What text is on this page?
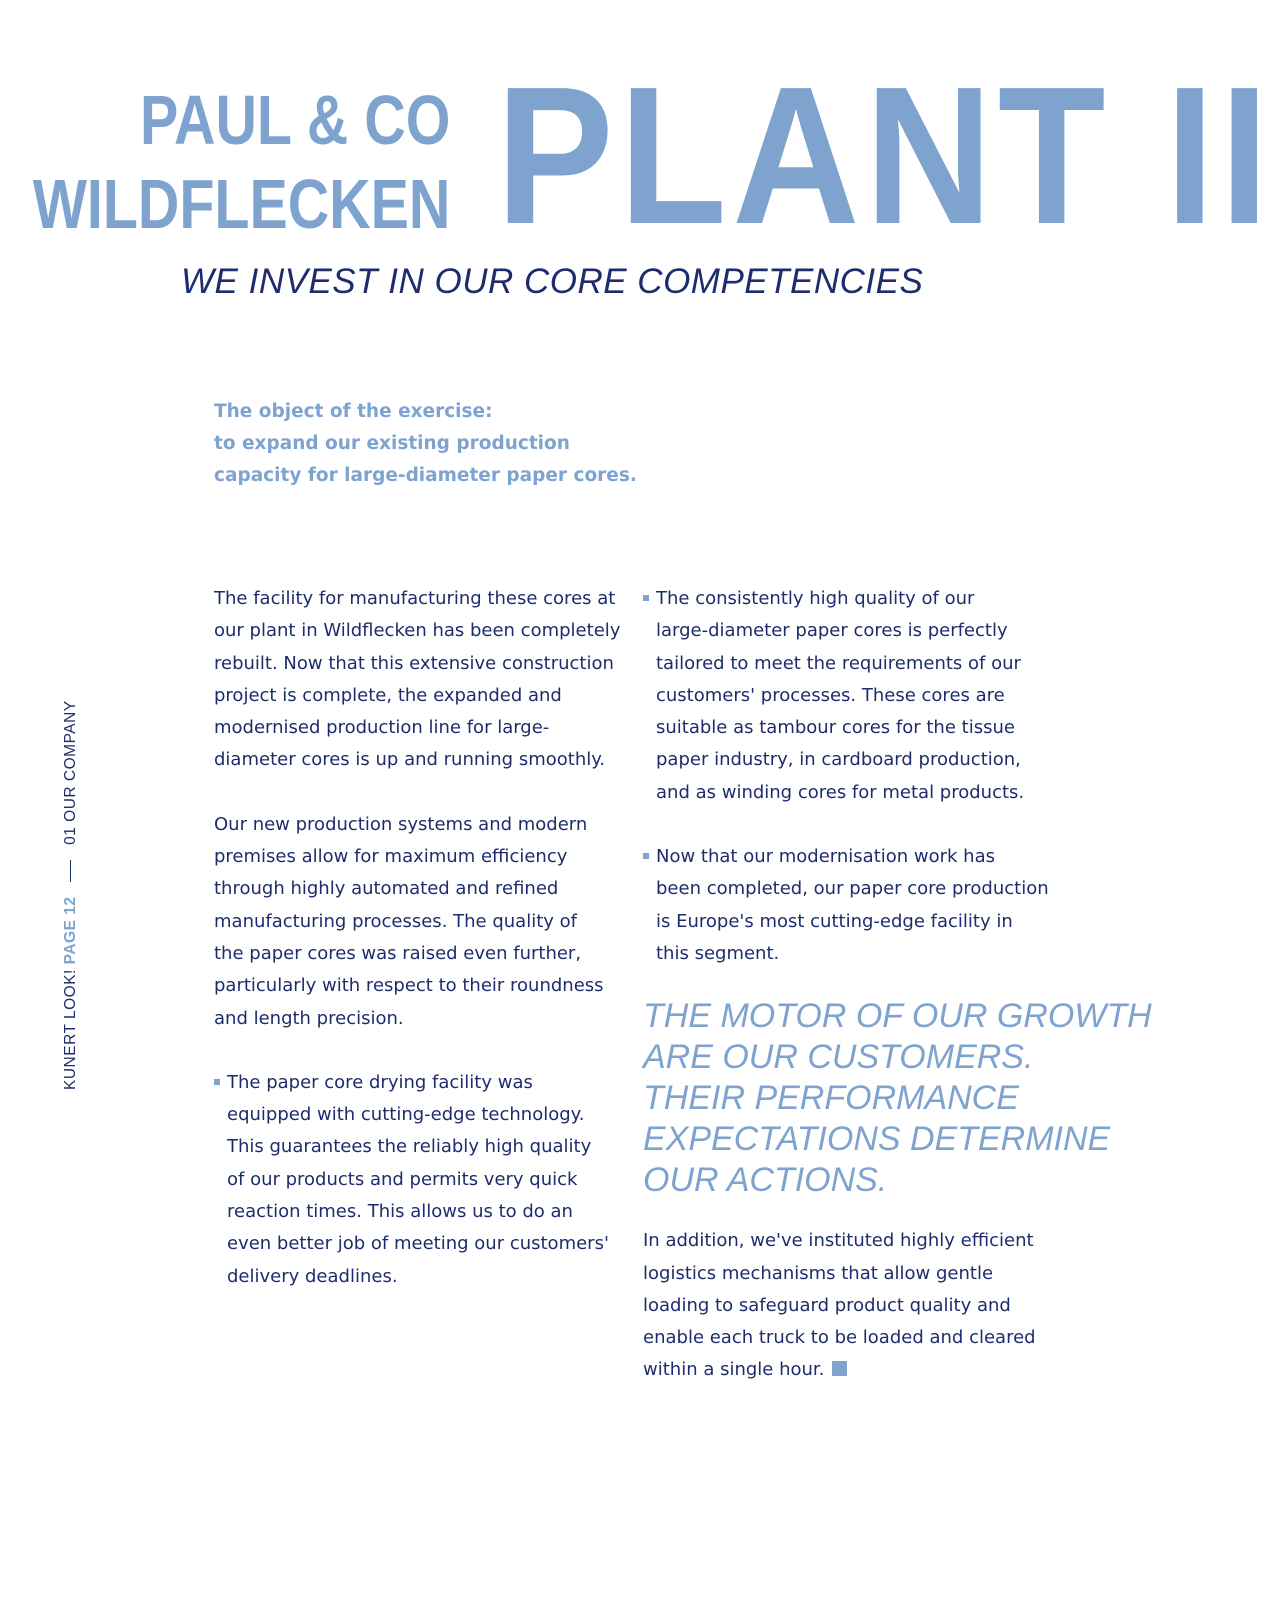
PAUL & CO
WILDFLECKEN PLANT II
WE INVEST IN OUR CORE COMPETENCIES
The object of the exercise:
to expand our existing production
capacity for large-diameter paper cores.
KUNERT LOOK! PAGE 12  01 OUR COMPANY

The facility for manufacturing these cores at
our plant in Wildflecken has been completely
rebuilt. Now that this extensive construction
project is complete, the expanded and
modernised production line for large-
diameter cores is up and running smoothly.

Our new production systems and modern
premises allow for maximum efficiency
through highly automated and refined
manufacturing processes. The quality of
the paper cores was raised even further,
particularly with respect to their roundness
and length precision.

The paper core drying facility was
equipped with cutting-edge technology.
This guarantees the reliably high quality
of our products and permits very quick
reaction times. This allows us to do an
even better job of meeting our customers'
delivery deadlines.
The consistently high quality of our
large-diameter paper cores is perfectly
tailored to meet the requirements of our
customers' processes. These cores are
suitable as tambour cores for the tissue
paper industry, in cardboard production,
and as winding cores for metal products.
Now that our modernisation work has
been completed, our paper core production
is Europe's most cutting-edge facility in
this segment.
THE MOTOR OF OUR GROWTH
ARE OUR CUSTOMERS.
THEIR PERFORMANCE
EXPECTATIONS DETERMINE
OUR ACTIONS.

In addition, we've instituted highly efficient
logistics mechanisms that allow gentle
loading to safeguard product quality and
enable each truck to be loaded and cleared
within a single hour.
